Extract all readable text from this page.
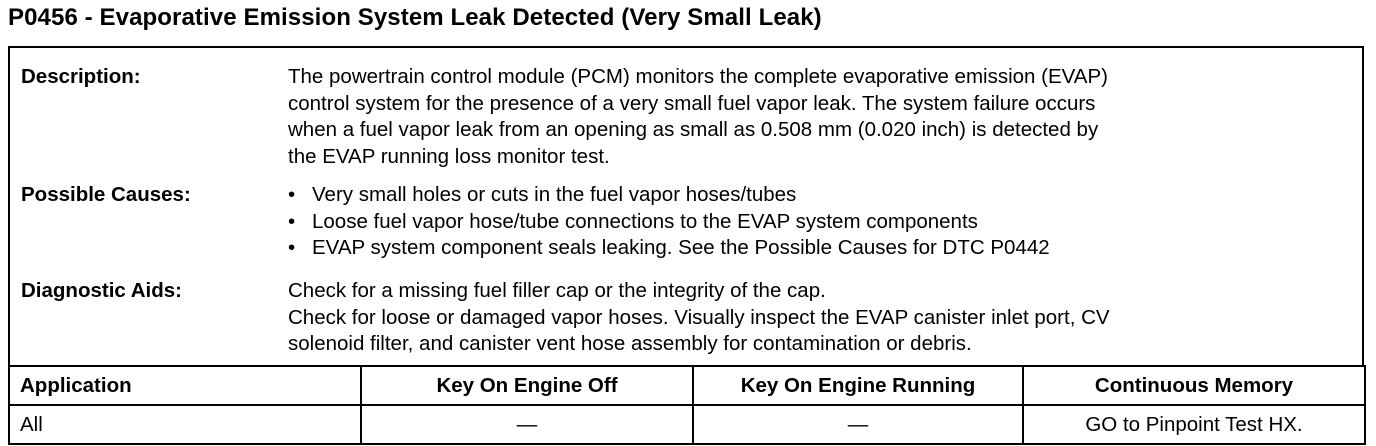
P0456 - Evaporative Emission System Leak Detected (Very Small Leak)
Description:	The powertrain control module (PCM) monitors the complete evaporative emission (EVAP)
control system for the presence of a very small fuel vapor leak. The system failure occurs
when a fuel vapor leak from an opening as small as 0.508 mm (0.020 inch) is detected by
the EVAP running loss monitor test.
Possible Causes:	• Very small holes or cuts in the fuel vapor hoses/tubes
• Loose fuel vapor hose/tube connections to the EVAP system components
• EVAP system component seals leaking. See the Possible Causes for DTC P0442
Diagnostic Aids:	Check for a missing fuel filler cap or the integrity of the cap.
Check for loose or damaged vapor hoses. Visually inspect the EVAP canister inlet port, CV
solenoid filter, and canister vent hose assembly for contamination or debris.
Application	Key On Engine Off	Key On Engine Running	Continuous Memory
All	—	—	GO to Pinpoint Test HX.
